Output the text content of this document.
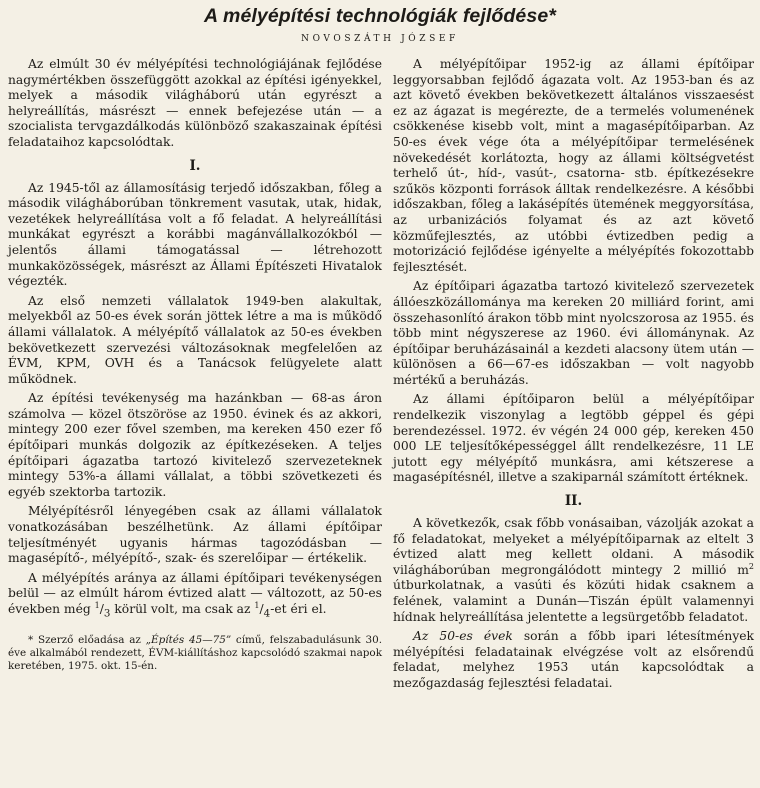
A mélyépítési technológiák fejlődése*
NOVOSZÁTH JÓZSEF

Az elmúlt 30 év mélyépítési technológiájának fejlődése nagymértékben összefüggött azokkal az építési igényekkel, melyek a második világháború után egyrészt a helyreállítás, másrészt — ennek befejezése után — a szocialista tervgazdálkodás különböző szakaszainak építési feladataihoz kapcsolódtak.

I.

Az 1945-től az államosításig terjedő időszakban, főleg a második világháborúban tönkrement vasutak, utak, hidak, vezetékek helyreállítása volt a fő feladat. A helyreállítási munkákat egyrészt a korábbi magánvállalkozókból — jelentős állami támogatással — létrehozott munkaközösségek, másrészt az Állami Építészeti Hivatalok végezték.

Az első nemzeti vállalatok 1949-ben alakultak, melyekből az 50-es évek során jöttek létre a ma is működő állami vállalatok. A mélyépítő vállalatok az 50-es években bekövetkezett szervezési változásoknak megfelelően az ÉVM, KPM, OVH és a Tanácsok felügyelete alatt működnek.

Az építési tevékenység ma hazánkban — 68-as áron számolva — közel ötszöröse az 1950. évinek és az akkori, mintegy 200 ezer fővel szemben, ma kereken 450 ezer fő építőipari munkás dolgozik az építkezéseken. A teljes építőipari ágazatba tartozó kivitelező szervezeteknek mintegy 53%-a állami vállalat, a többi szövetkezeti és egyéb szektorba tartozik.

Mélyépítésről lényegében csak az állami vállalatok vonatkozásában beszélhetünk. Az állami építőipar teljesítményét ugyanis hármas tagozódásban — magasépítő-, mélyépítő-, szak- és szerelőipar — értékelik.

A mélyépítés aránya az állami építőipari tevékenységen belül — az elmúlt három évtized alatt — változott, az 50-es években még $^1/_3$ körül volt, ma csak az $^1/_4-et$ éri el.

* Szerző előadása az „Építés 45—75” című, felszabadulásunk 30. éve alkalmából rendezett, ÉVM-kiállításhoz kapcsolódó szakmai napok keretében, 1975. okt. 15-én.

A mélyépítőipar 1952-ig az állami építőipar leggyorsabban fejlődő ágazata volt. Az 1953-ban és az azt követő években bekövetkezett általános visszaesést ez az ágazat is megérezte, de a termelés volumenének csökkenése kisebb volt, mint a magasépítőiparban. Az 50-es évek vége óta a mélyépítőipar termelésének növekedését korlátozta, hogy az állami költségvetést terhelő út-, híd-, vasút-, csatorna- stb. építkezésekre szűkös központi források álltak rendelkezésre. A későbbi időszakban, főleg a lakásépítés ütemének meggyorsítása, az urbanizációs folyamat és az azt követő közműfejlesztés, az utóbbi évtizedben pedig a motorizáció fejlődése igényelte a mélyépítés fokozottabb fejlesztését.

Az építőipari ágazatba tartozó kivitelező szervezetek állóeszközállománya ma kereken 20 milliárd forint, ami összehasonlító árakon több mint nyolcszorosa az 1955. és több mint négyszerese az 1960. évi állománynak. Az építőipar beruházásainál a kezdeti alacsony ütem után — különösen a 66—67-es időszakban — volt nagyobb mértékű a beruházás.

Az állami építőiparon belül a mélyépítőipar rendelkezik viszonylag a legtöbb géppel és gépi berendezéssel. 1972. év végén 24 000 gép, kereken 450 000 LE teljesítőképességgel állt rendelkezésre, 11 LE jutott egy mélyépítő munkásra, ami kétszerese a magasépítésnél, illetve a szakiparnál számított értéknek.

II.

A következők, csak főbb vonásaiban, vázolják azokat a fő feladatokat, melyeket a mélyépítőiparnak az eltelt 3 évtized alatt meg kellett oldani. A második világháborúban megrongálódott mintegy 2 millió $m^2$ útburkolatnak, a vasúti és közúti hidak csaknem a felének, valamint a Dunán—Tiszán épült valamennyi hídnak helyreállítása jelentette a legsürgetőbb feladatot.

Az 50-es évek során a főbb ipari létesítmények mélyépítési feladatainak elvégzése volt az elsőrendű feladat, melyhez 1953 után kapcsolódtak a mezőgazdaság fejlesztési feladatai.
